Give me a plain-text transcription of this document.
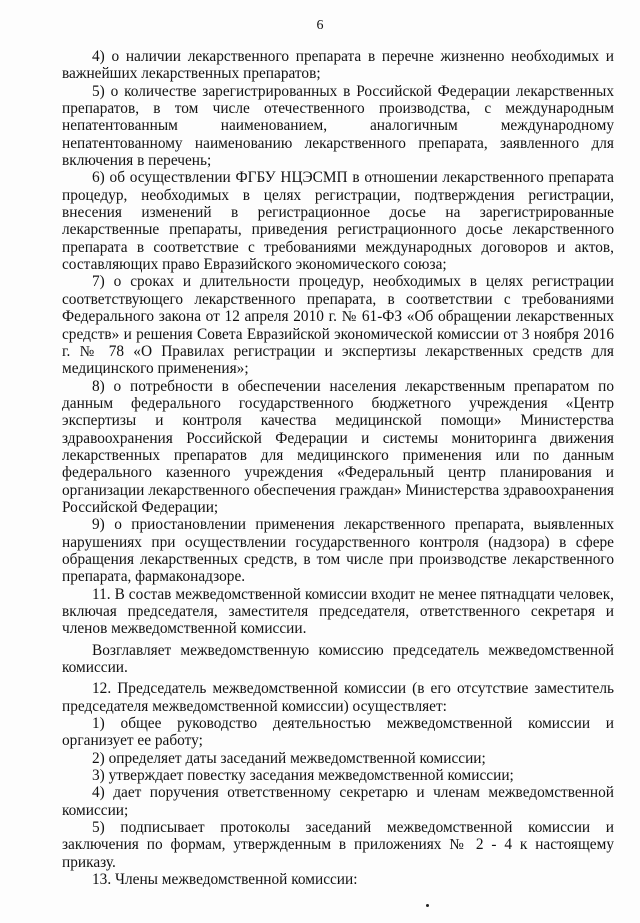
6

4) о наличии лекарственного препарата в перечне жизненно необходимых и важнейших лекарственных препаратов;

5) о количестве зарегистрированных в Российской Федерации лекарственных препаратов, в том числе отечественного производства, с международным непатентованным наименованием, аналогичным международному непатентованному наименованию лекарственного препарата, заявленного для включения в перечень;

6) об осуществлении ФГБУ НЦЭСМП в отношении лекарственного препарата процедур, необходимых в целях регистрации, подтверждения регистрации, внесения изменений в регистрационное досье на зарегистрированные лекарственные препараты, приведения регистрационного досье лекарственного препарата в соответствие с требованиями международных договоров и актов, составляющих право Евразийского экономического союза;

7) о сроках и длительности процедур, необходимых в целях регистрации соответствующего лекарственного препарата, в соответствии с требованиями Федерального закона от 12 апреля 2010 г. № 61-ФЗ «Об обращении лекарственных средств» и решения Совета Евразийской экономической комиссии от 3 ноября 2016 г. № 78 «О Правилах регистрации и экспертизы лекарственных средств для медицинского применения»;

8) о потребности в обеспечении населения лекарственным препаратом по данным федерального государственного бюджетного учреждения «Центр экспертизы и контроля качества медицинской помощи» Министерства здравоохранения Российской Федерации и системы мониторинга движения лекарственных препаратов для медицинского применения или по данным федерального казенного учреждения «Федеральный центр планирования и организации лекарственного обеспечения граждан» Министерства здравоохранения Российской Федерации;

9) о приостановлении применения лекарственного препарата, выявленных нарушениях при осуществлении государственного контроля (надзора) в сфере обращения лекарственных средств, в том числе при производстве лекарственного препарата, фармаконадзоре.

11. В состав межведомственной комиссии входит не менее пятнадцати человек, включая председателя, заместителя председателя, ответственного секретаря и членов межведомственной комиссии.

Возглавляет межведомственную комиссию председатель межведомственной комиссии.

12. Председатель межведомственной комиссии (в его отсутствие заместитель председателя межведомственной комиссии) осуществляет:

1) общее руководство деятельностью межведомственной комиссии и организует ее работу;

2) определяет даты заседаний межведомственной комиссии;

3) утверждает повестку заседания межведомственной комиссии;

4) дает поручения ответственному секретарю и членам межведомственной комиссии;

5) подписывает протоколы заседаний межведомственной комиссии и заключения по формам, утвержденным в приложениях № 2 - 4 к настоящему приказу.

13. Члены межведомственной комиссии:
